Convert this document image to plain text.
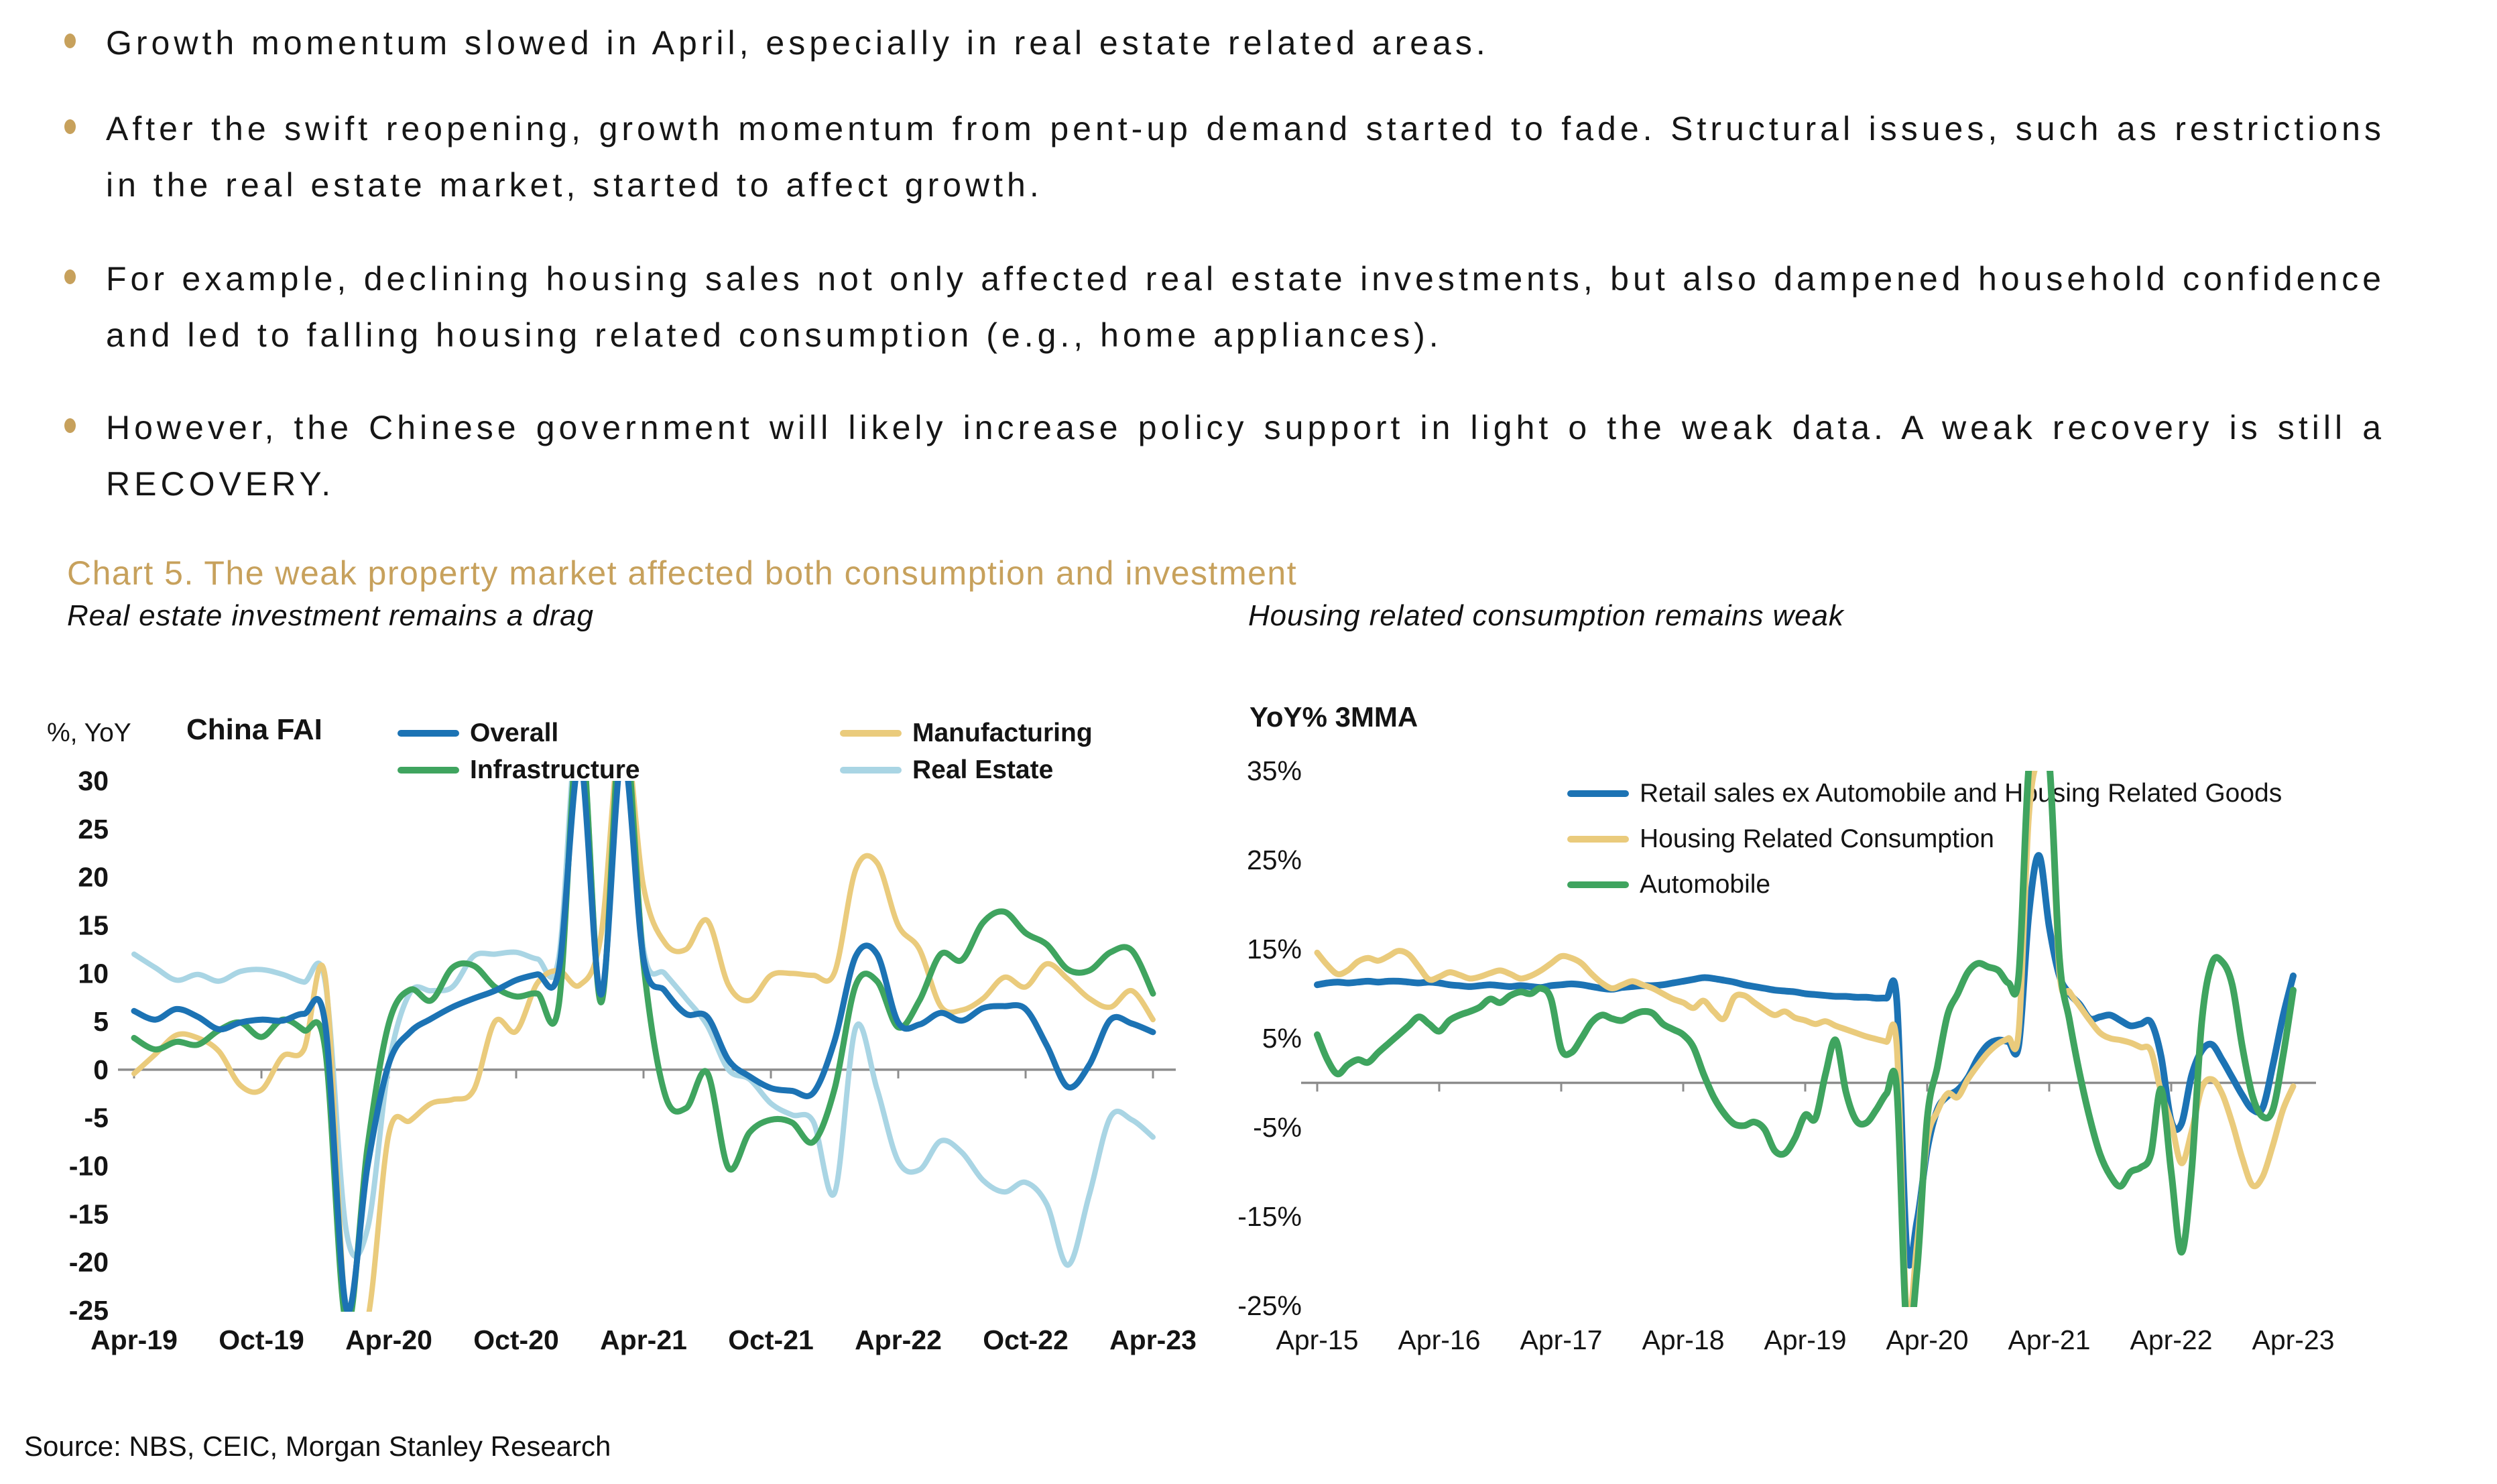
Growth momentum slowed in April, especially in real estate related areas.
After the swift reopening, growth momentum from pent-up demand started to fade. Structural issues, such as restrictions in the real estate market, started to affect growth.
For example, declining housing sales not only affected real estate investments, but also dampened household confidence and led to falling housing related consumption (e.g., home appliances).
However, the Chinese government will likely increase policy support in light o the weak data. A weak recovery is still a RECOVERY.
Chart 5. The weak property market affected both consumption and investment
Real estate investment remains a drag	Housing related consumption remains weak
%, YoY China FAI	Overall
Infrastructure
Manufacturing
Real Estate
YoY% 3MMA
Retail sales ex Automobile and Housing Related Goods
Housing Related Consumption
Automobile
30
25
20
15
10
5
0
-5
-10
-15
-20
-25
Apr-19 Oct-19 Apr-20 Oct-20 Apr-21 Oct-21 Apr-22 Oct-22 Apr-23
35%
25%
15%
5%
-5%
-15%
-25%
Apr-15 Apr-16 Apr-17 Apr-18 Apr-19 Apr-20 Apr-21 Apr-22 Apr-23
Source: NBS, CEIC, Morgan Stanley Research
